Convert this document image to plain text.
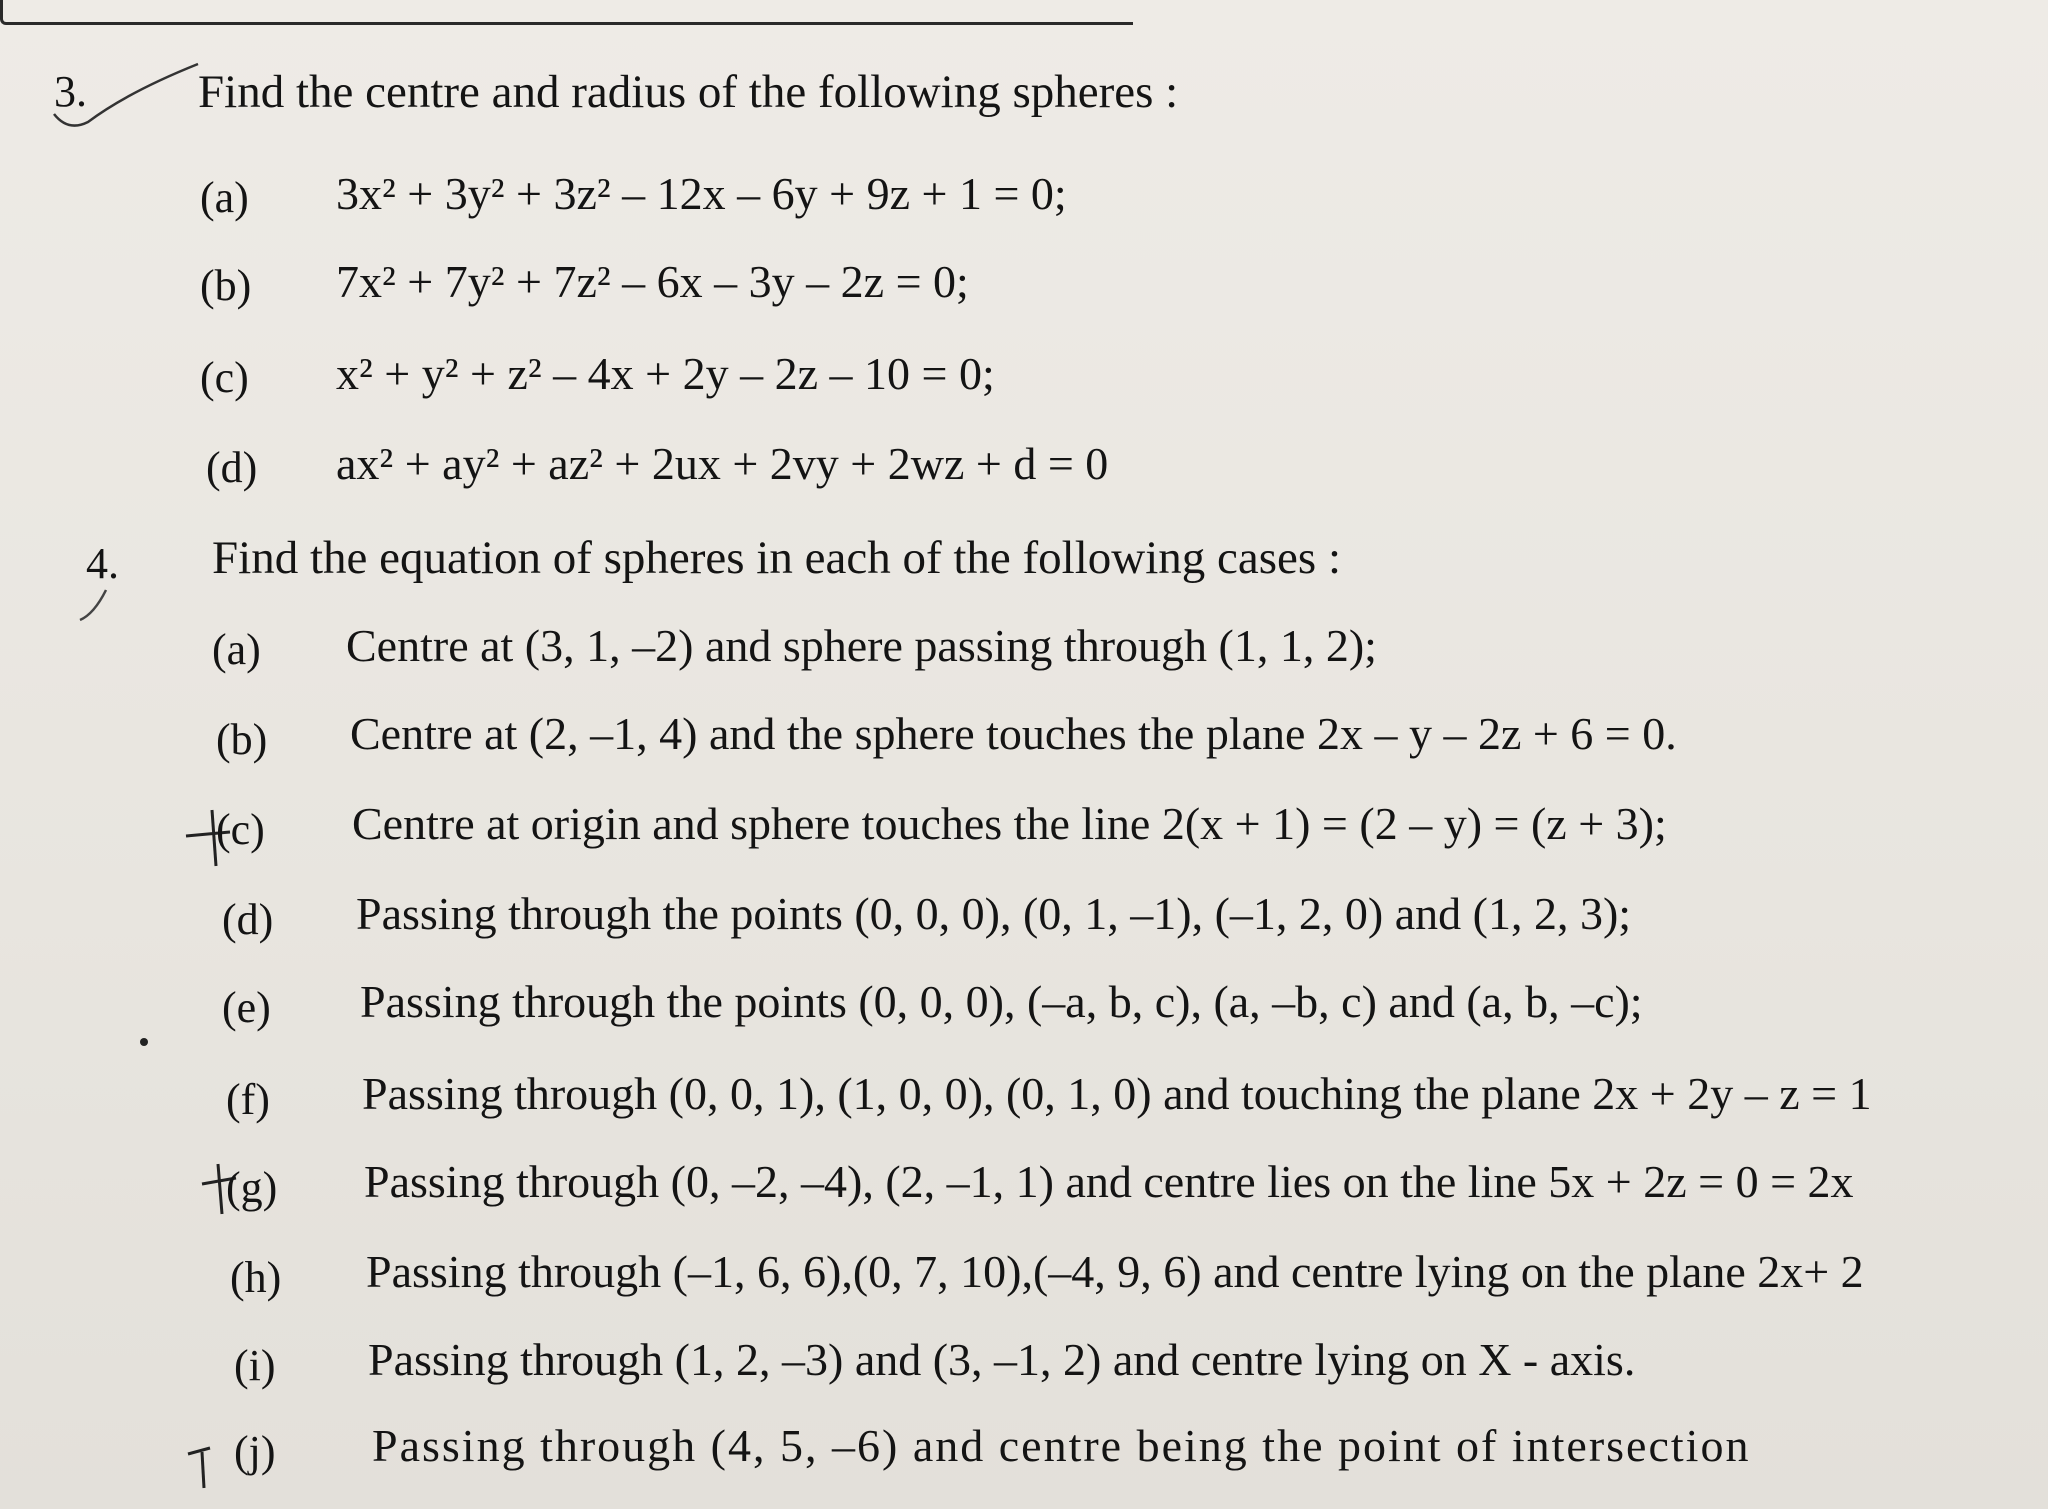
3. Find the centre and radius of the following spheres :
(a) 3x² + 3y² + 3z² – 12x – 6y + 9z + 1 = 0;
(b) 7x² + 7y² + 7z² – 6x – 3y – 2z = 0;
(c) x² + y² + z² – 4x + 2y – 2z – 10 = 0;
(d) ax² + ay² + az² + 2ux + 2vy + 2wz + d = 0
4. Find the equation of spheres in each of the following cases :
(a) Centre at (3, 1, –2) and sphere passing through (1, 1, 2);
(b) Centre at (2, –1, 4) and the sphere touches the plane 2x – y – 2z + 6 = 0.
(c) Centre at origin and sphere touches the line 2(x + 1) = (2 – y) = (z + 3);
(d) Passing through the points (0, 0, 0), (0, 1, –1), (–1, 2, 0) and (1, 2, 3);
(e) Passing through the points (0, 0, 0), (–a, b, c), (a, –b, c) and (a, b, –c);
(f) Passing through (0, 0, 1), (1, 0, 0), (0, 1, 0) and touching the plane 2x + 2y – z = 1
(g) Passing through (0, –2, –4), (2, –1, 1) and centre lies on the line 5x + 2z = 0 = 2x
(h) Passing through (–1, 6, 6),(0, 7, 10),(–4, 9, 6) and centre lying on the plane 2x+ 2
(i) Passing through (1, 2, –3) and (3, –1, 2) and centre lying on X - axis.
(j) Passing through (4, 5, –6) and centre being the point of intersection
